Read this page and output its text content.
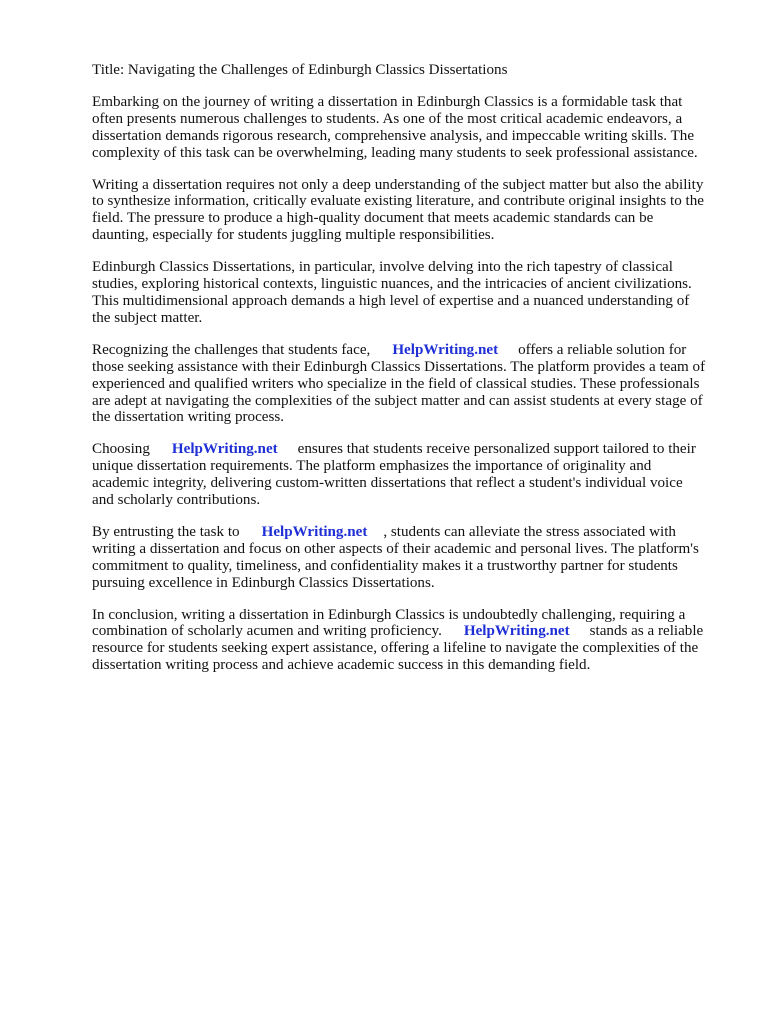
Title: Navigating the Challenges of Edinburgh Classics Dissertations

Embarking on the journey of writing a dissertation in Edinburgh Classics is a formidable task that often presents numerous challenges to students. As one of the most critical academic endeavors, a dissertation demands rigorous research, comprehensive analysis, and impeccable writing skills. The complexity of this task can be overwhelming, leading many students to seek professional assistance.

Writing a dissertation requires not only a deep understanding of the subject matter but also the ability to synthesize information, critically evaluate existing literature, and contribute original insights to the field. The pressure to produce a high-quality document that meets academic standards can be daunting, especially for students juggling multiple responsibilities.

Edinburgh Classics Dissertations, in particular, involve delving into the rich tapestry of classical studies, exploring historical contexts, linguistic nuances, and the intricacies of ancient civilizations. This multidimensional approach demands a high level of expertise and a nuanced understanding of the subject matter.

Recognizing the challenges that students face, HelpWriting.net offers a reliable solution for those seeking assistance with their Edinburgh Classics Dissertations. The platform provides a team of experienced and qualified writers who specialize in the field of classical studies. These professionals are adept at navigating the complexities of the subject matter and can assist students at every stage of the dissertation writing process.

Choosing HelpWriting.net ensures that students receive personalized support tailored to their unique dissertation requirements. The platform emphasizes the importance of originality and academic integrity, delivering custom-written dissertations that reflect a student's individual voice and scholarly contributions.

By entrusting the task to HelpWriting.net , students can alleviate the stress associated with writing a dissertation and focus on other aspects of their academic and personal lives. The platform's commitment to quality, timeliness, and confidentiality makes it a trustworthy partner for students pursuing excellence in Edinburgh Classics Dissertations.

In conclusion, writing a dissertation in Edinburgh Classics is undoubtedly challenging, requiring a combination of scholarly acumen and writing proficiency. HelpWriting.net stands as a reliable resource for students seeking expert assistance, offering a lifeline to navigate the complexities of the dissertation writing process and achieve academic success in this demanding field.
